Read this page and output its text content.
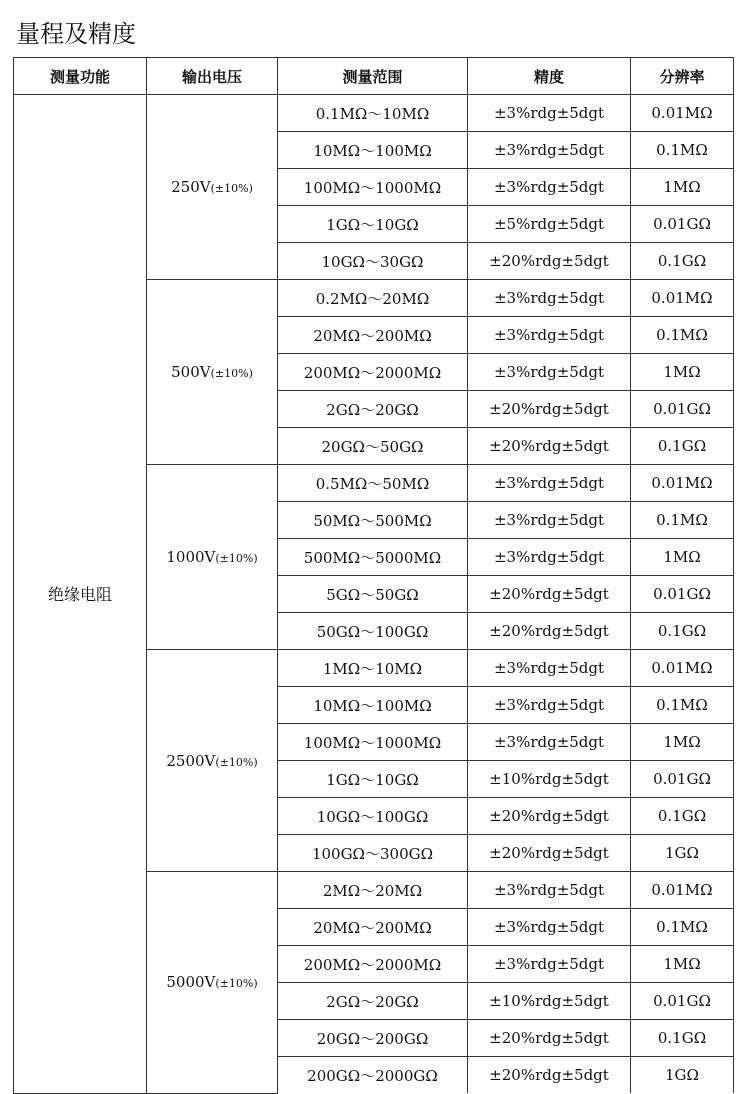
量程及精度
测量功能	输出电压	测量范围	精度	分辨率
绝缘电阻	250V(±10%)	0.1MΩ～10MΩ	±3%rdg±5dgt	0.01MΩ
		10MΩ～100MΩ	±3%rdg±5dgt	0.1MΩ
		100MΩ～1000MΩ	±3%rdg±5dgt	1MΩ
		1GΩ～10GΩ	±5%rdg±5dgt	0.01GΩ
		10GΩ～30GΩ	±20%rdg±5dgt	0.1GΩ
	500V(±10%)	0.2MΩ～20MΩ	±3%rdg±5dgt	0.01MΩ
		20MΩ～200MΩ	±3%rdg±5dgt	0.1MΩ
		200MΩ～2000MΩ	±3%rdg±5dgt	1MΩ
		2GΩ～20GΩ	±20%rdg±5dgt	0.01GΩ
		20GΩ～50GΩ	±20%rdg±5dgt	0.1GΩ
	1000V(±10%)	0.5MΩ～50MΩ	±3%rdg±5dgt	0.01MΩ
		50MΩ～500MΩ	±3%rdg±5dgt	0.1MΩ
		500MΩ～5000MΩ	±3%rdg±5dgt	1MΩ
		5GΩ～50GΩ	±20%rdg±5dgt	0.01GΩ
		50GΩ～100GΩ	±20%rdg±5dgt	0.1GΩ
	2500V(±10%)	1MΩ～10MΩ	±3%rdg±5dgt	0.01MΩ
		10MΩ～100MΩ	±3%rdg±5dgt	0.1MΩ
		100MΩ～1000MΩ	±3%rdg±5dgt	1MΩ
		1GΩ～10GΩ	±10%rdg±5dgt	0.01GΩ
		10GΩ～100GΩ	±20%rdg±5dgt	0.1GΩ
		100GΩ～300GΩ	±20%rdg±5dgt	1GΩ
	5000V(±10%)	2MΩ～20MΩ	±3%rdg±5dgt	0.01MΩ
		20MΩ～200MΩ	±3%rdg±5dgt	0.1MΩ
		200MΩ～2000MΩ	±3%rdg±5dgt	1MΩ
		2GΩ～20GΩ	±10%rdg±5dgt	0.01GΩ
		20GΩ～200GΩ	±20%rdg±5dgt	0.1GΩ
		200GΩ～2000GΩ	±20%rdg±5dgt	1GΩ
